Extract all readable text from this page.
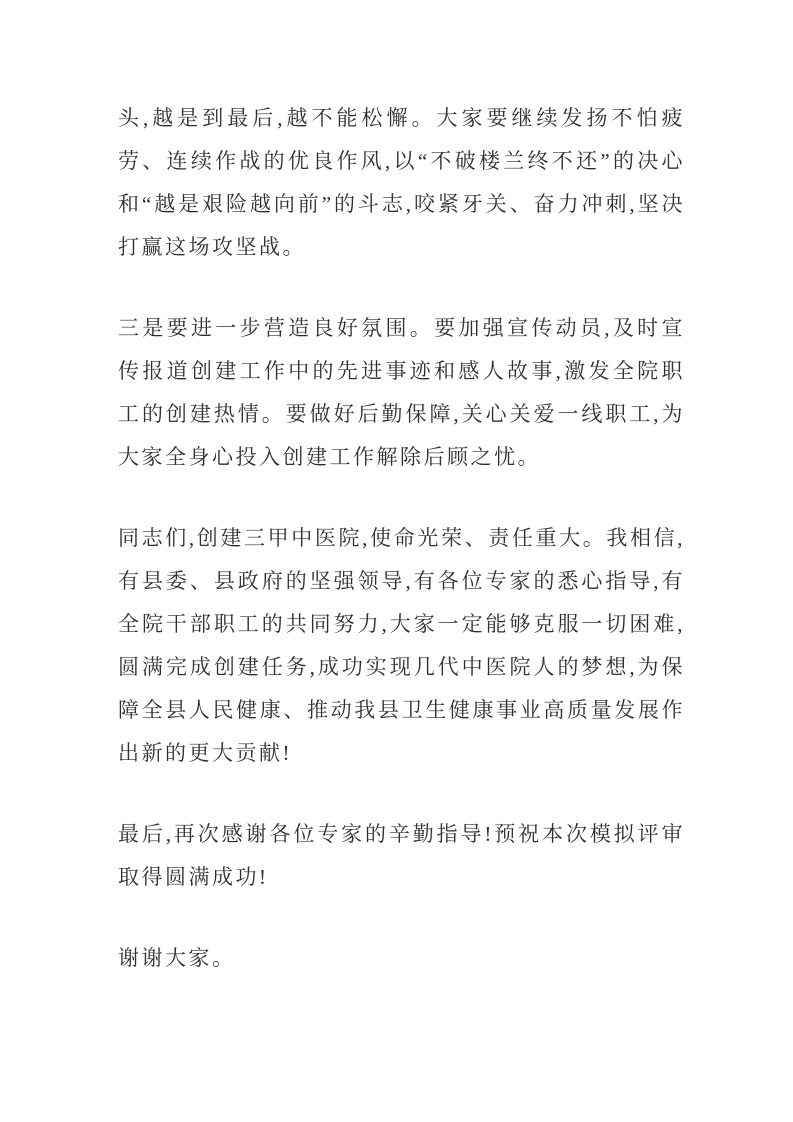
头,越是到最后,越不能松懈。大家要继续发扬不怕疲劳、连续作战的优良作风,以“不破楼兰终不还”的决心和“越是艰险越向前”的斗志,咬紧牙关、奋力冲刺,坚决打赢这场攻坚战。

三是要进一步营造良好氛围。要加强宣传动员,及时宣传报道创建工作中的先进事迹和感人故事,激发全院职工的创建热情。要做好后勤保障,关心关爱一线职工,为大家全身心投入创建工作解除后顾之忧。

同志们,创建三甲中医院,使命光荣、责任重大。我相信,有县委、县政府的坚强领导,有各位专家的悉心指导,有全院干部职工的共同努力,大家一定能够克服一切困难,圆满完成创建任务,成功实现几代中医院人的梦想,为保障全县人民健康、推动我县卫生健康事业高质量发展作出新的更大贡献!

最后,再次感谢各位专家的辛勤指导!预祝本次模拟评审取得圆满成功!

谢谢大家。
